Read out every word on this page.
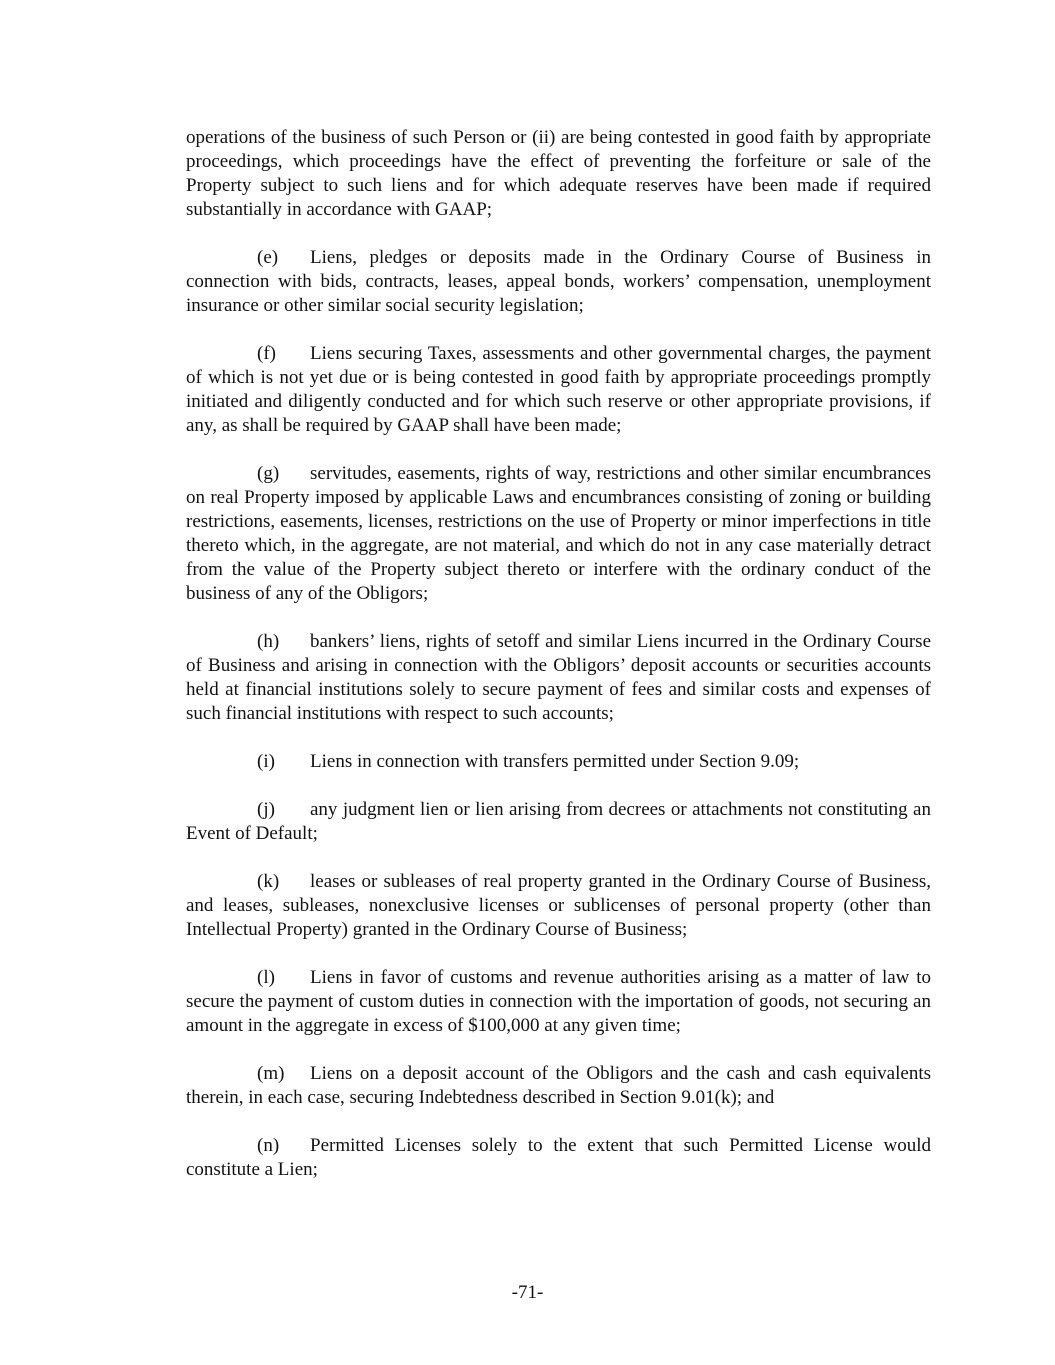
operations of the business of such Person or (ii) are being contested in good faith by appropriate proceedings, which proceedings have the effect of preventing the forfeiture or sale of the Property subject to such liens and for which adequate reserves have been made if required substantially in accordance with GAAP;

(e) Liens, pledges or deposits made in the Ordinary Course of Business in connection with bids, contracts, leases, appeal bonds, workers’ compensation, unemployment insurance or other similar social security legislation;

(f) Liens securing Taxes, assessments and other governmental charges, the payment of which is not yet due or is being contested in good faith by appropriate proceedings promptly initiated and diligently conducted and for which such reserve or other appropriate provisions, if any, as shall be required by GAAP shall have been made;

(g) servitudes, easements, rights of way, restrictions and other similar encumbrances on real Property imposed by applicable Laws and encumbrances consisting of zoning or building restrictions, easements, licenses, restrictions on the use of Property or minor imperfections in title thereto which, in the aggregate, are not material, and which do not in any case materially detract from the value of the Property subject thereto or interfere with the ordinary conduct of the business of any of the Obligors;

(h) bankers’ liens, rights of setoff and similar Liens incurred in the Ordinary Course of Business and arising in connection with the Obligors’ deposit accounts or securities accounts held at financial institutions solely to secure payment of fees and similar costs and expenses of such financial institutions with respect to such accounts;

(i) Liens in connection with transfers permitted under Section 9.09;

(j) any judgment lien or lien arising from decrees or attachments not constituting an Event of Default;

(k) leases or subleases of real property granted in the Ordinary Course of Business, and leases, subleases, nonexclusive licenses or sublicenses of personal property (other than Intellectual Property) granted in the Ordinary Course of Business;

(l) Liens in favor of customs and revenue authorities arising as a matter of law to secure the payment of custom duties in connection with the importation of goods, not securing an amount in the aggregate in excess of $100,000 at any given time;

(m) Liens on a deposit account of the Obligors and the cash and cash equivalents therein, in each case, securing Indebtedness described in Section 9.01(k); and

(n) Permitted Licenses solely to the extent that such Permitted License would constitute a Lien;

-71-
